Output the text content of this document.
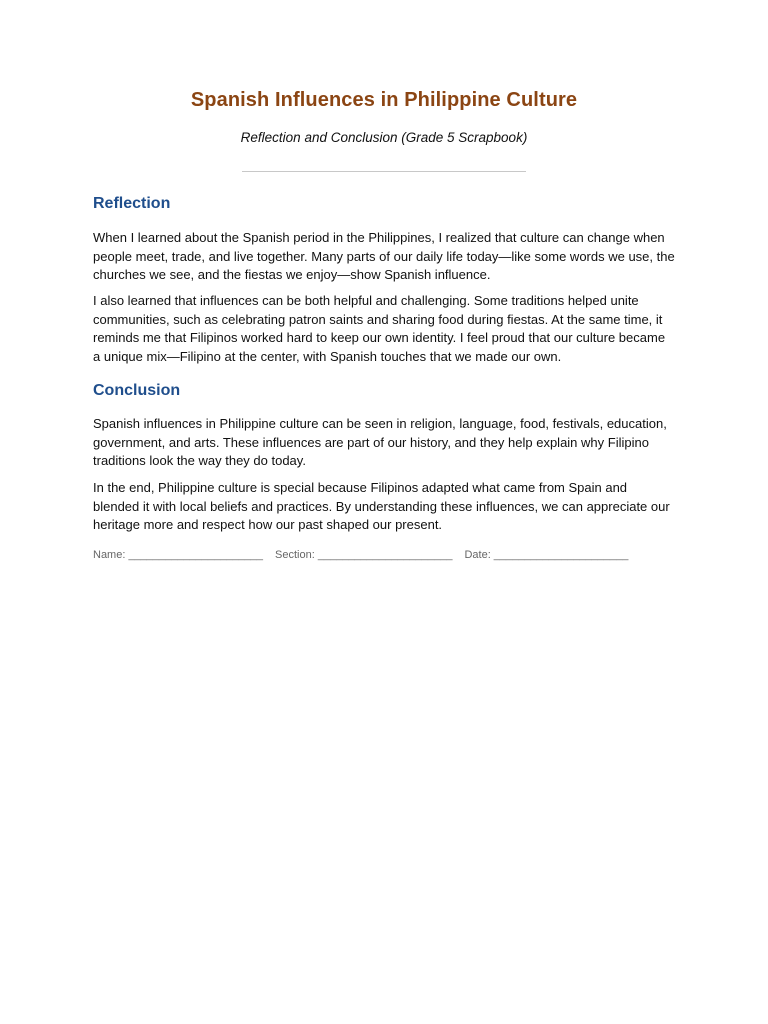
Spanish Influences in Philippine Culture
Reflection and Conclusion (Grade 5 Scrapbook)
Reflection
When I learned about the Spanish period in the Philippines, I realized that culture can change when people meet, trade, and live together. Many parts of our daily life today—like some words we use, the churches we see, and the fiestas we enjoy—show Spanish influence.
I also learned that influences can be both helpful and challenging. Some traditions helped unite communities, such as celebrating patron saints and sharing food during fiestas. At the same time, it reminds me that Filipinos worked hard to keep our own identity. I feel proud that our culture became a unique mix—Filipino at the center, with Spanish touches that we made our own.
Conclusion
Spanish influences in Philippine culture can be seen in religion, language, food, festivals, education, government, and arts. These influences are part of our history, and they help explain why Filipino traditions look the way they do today.
In the end, Philippine culture is special because Filipinos adapted what came from Spain and blended it with local beliefs and practices. By understanding these influences, we can appreciate our heritage more and respect how our past shaped our present.
Name: ______________________ Section: ______________________ Date: ______________________
